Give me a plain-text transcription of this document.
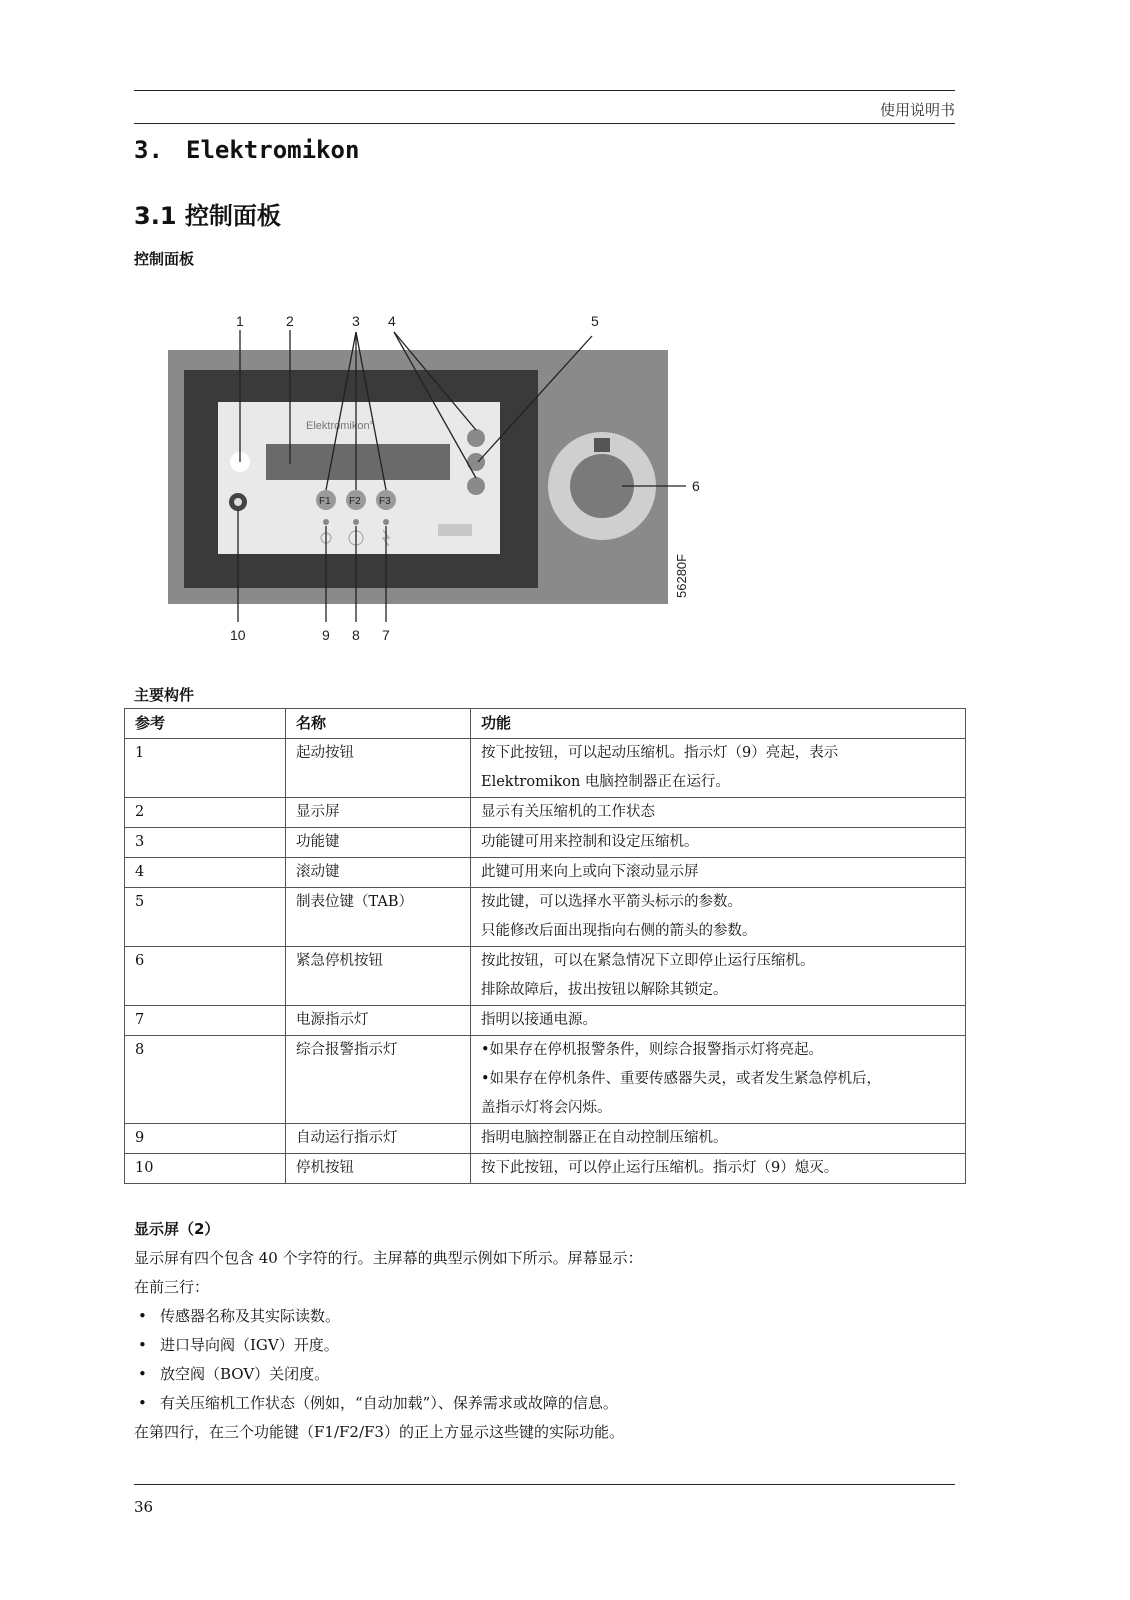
使用说明书
3. Elektromikon
3.1 控制面板
控制面板
Elektromikon°
F1 F2 F3
56280F
1	2	3 4	5
6
10	9 8 7
主要构件
参考	名称	功能
1	起动按钮	按下此按钮，可以起动压缩机。指示灯（9）亮起，表示
Elektromikon 电脑控制器正在运行。

2	显示屏	显示有关压缩机的工作状态

3	功能键	功能键可用来控制和设定压缩机。

4	滚动键	此键可用来向上或向下滚动显示屏

5	制表位键（TAB）	按此键，可以选择水平箭头标示的参数。
只能修改后面出现指向右侧的箭头的参数。

6	紧急停机按钮	按此按钮，可以在紧急情况下立即停止运行压缩机。
排除故障后，拔出按钮以解除其锁定。

7	电源指示灯	指明以接通电源。

8	综合报警指示灯	•如果存在停机报警条件，则综合报警指示灯将亮起。
•如果存在停机条件、重要传感器失灵，或者发生紧急停机后，
盖指示灯将会闪烁。

9	自动运行指示灯	指明电脑控制器正在自动控制压缩机。

10	停机按钮	按下此按钮，可以停止运行压缩机。指示灯（9）熄灭。
显示屏（2）

显示屏有四个包含 40 个字符的行。主屏幕的典型示例如下所示。屏幕显示：

在前三行：

• 传感器名称及其实际读数。
• 进口导向阀（IGV）开度。
• 放空阀（BOV）关闭度。
• 有关压缩机工作状态（例如，“自动加载”）、保养需求或故障的信息。

在第四行，在三个功能键（F1/F2/F3）的正上方显示这些键的实际功能。

36
